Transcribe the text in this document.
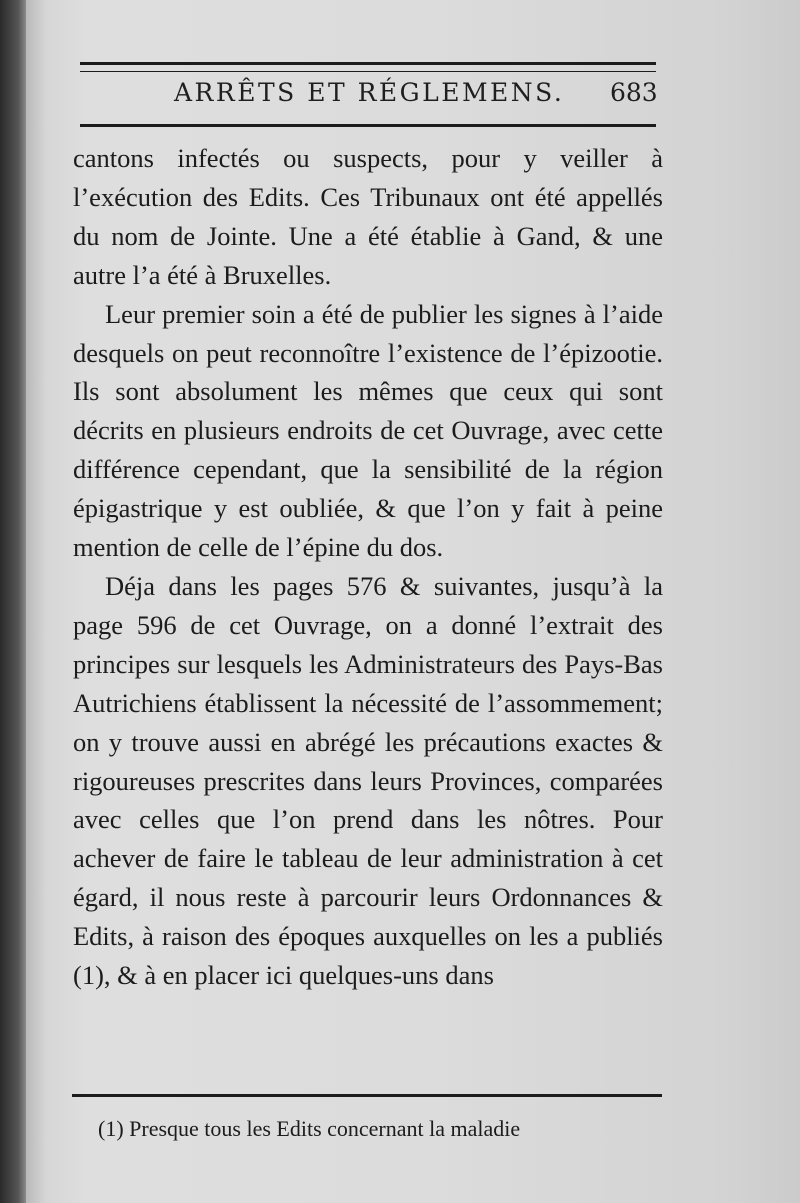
ARRÊTS ET RÉGLEMENS. 683

cantons infectés ou suspects, pour y veiller à l’exécution des Edits. Ces Tribunaux ont été appellés du nom de Jointe. Une a été établie à Gand, & une autre l’a été à Bruxelles.

Leur premier soin a été de publier les signes à l’aide desquels on peut reconnoître l’existence de l’épizootie. Ils sont absolument les mêmes que ceux qui sont décrits en plusieurs endroits de cet Ouvrage, avec cette différence cependant, que la sensibilité de la région épigastrique y est oubliée, & que l’on y fait à peine mention de celle de l’épine du dos.

Déja dans les pages 576 & suivantes, jusqu’à la page 596 de cet Ouvrage, on a donné l’extrait des principes sur lesquels les Administrateurs des Pays-Bas Autrichiens établissent la nécessité de l’assommement; on y trouve aussi en abrégé les précautions exactes & rigoureuses prescrites dans leurs Provinces, comparées avec celles que l’on prend dans les nôtres. Pour achever de faire le tableau de leur administration à cet égard, il nous reste à parcourir leurs Ordonnances & Edits, à raison des époques auxquelles on les a publiés (1), & à en placer ici quelques-uns dans

(1) Presque tous les Edits concernant la maladie
